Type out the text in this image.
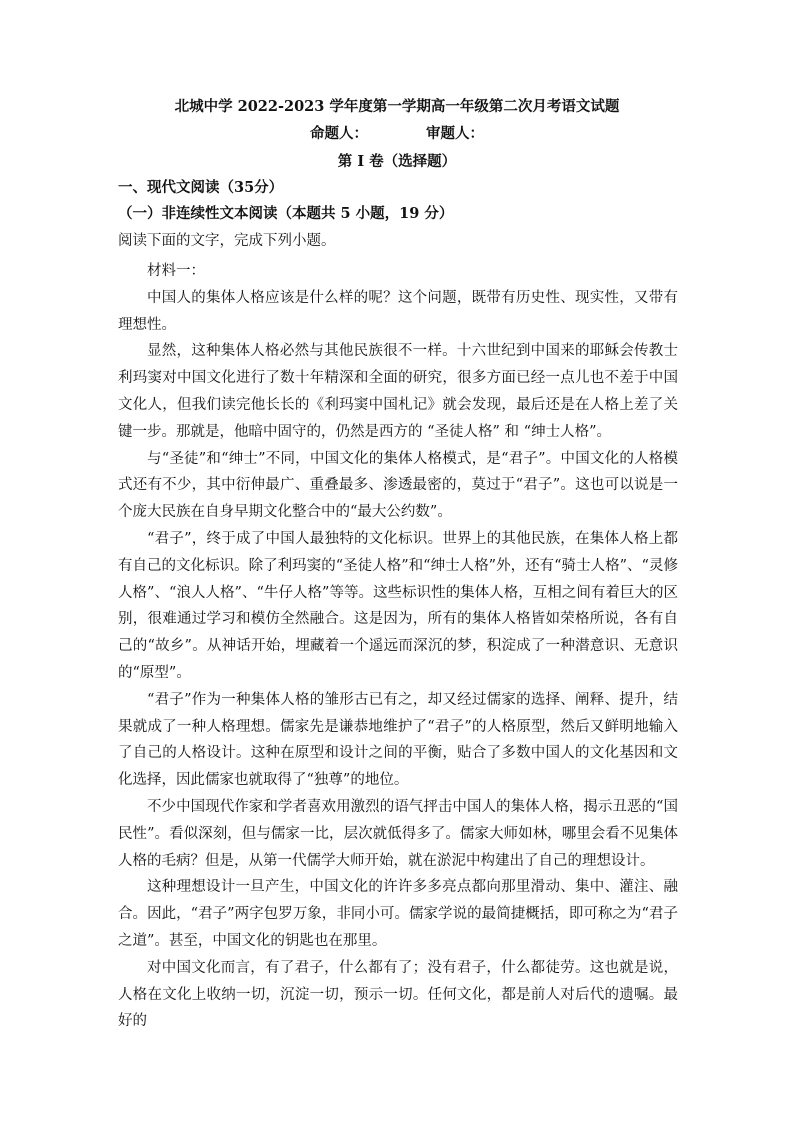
北城中学 2022-2023 学年度第一学期高一年级第二次月考语文试题
命题人：	审题人：
第 I 卷（选择题）
一、现代文阅读（35分）
（一）非连续性文本阅读（本题共 5 小题，19 分）
阅读下面的文字，完成下列小题。

材料一：

中国人的集体人格应该是什么样的呢？这个问题，既带有历史性、现实性，又带有理想性。

显然，这种集体人格必然与其他民族很不一样。十六世纪到中国来的耶稣会传教士利玛窦对中国文化进行了数十年精深和全面的研究，很多方面已经一点儿也不差于中国文化人，但我们读完他长长的《利玛窦中国札记》就会发现，最后还是在人格上差了关键一步。那就是，他暗中固守的，仍然是西方的 “圣徒人格” 和 “绅士人格”。

与“圣徒”和“绅士”不同，中国文化的集体人格模式，是“君子”。中国文化的人格模式还有不少，其中衍伸最广、重叠最多、渗透最密的，莫过于“君子”。这也可以说是一个庞大民族在自身早期文化整合中的“最大公约数”。

“君子”，终于成了中国人最独特的文化标识。世界上的其他民族，在集体人格上都有自己的文化标识。除了利玛窦的“圣徒人格”和“绅士人格”外，还有“骑士人格”、“灵修人格”、“浪人人格”、“牛仔人格”等等。这些标识性的集体人格，互相之间有着巨大的区别，很难通过学习和模仿全然融合。这是因为，所有的集体人格皆如荣格所说，各有自己的“故乡”。从神话开始，埋藏着一个遥远而深沉的梦，积淀成了一种潜意识、无意识的“原型”。

“君子”作为一种集体人格的雏形古已有之，却又经过儒家的选择、阐释、提升，结果就成了一种人格理想。儒家先是谦恭地维护了“君子”的人格原型，然后又鲜明地输入了自己的人格设计。这种在原型和设计之间的平衡，贴合了多数中国人的文化基因和文化选择，因此儒家也就取得了“独尊”的地位。

不少中国现代作家和学者喜欢用激烈的语气抨击中国人的集体人格，揭示丑恶的“国民性”。看似深刻，但与儒家一比，层次就低得多了。儒家大师如林，哪里会看不见集体人格的毛病？但是，从第一代儒学大师开始，就在淤泥中构建出了自己的理想设计。

这种理想设计一旦产生，中国文化的许许多多亮点都向那里滑动、集中、灌注、融合。因此，“君子”两字包罗万象，非同小可。儒家学说的最简捷概括，即可称之为“君子之道”。甚至，中国文化的钥匙也在那里。

对中国文化而言，有了君子，什么都有了；没有君子，什么都徒劳。这也就是说，人格在文化上收纳一切，沉淀一切，预示一切。任何文化，都是前人对后代的遗嘱。最好的
